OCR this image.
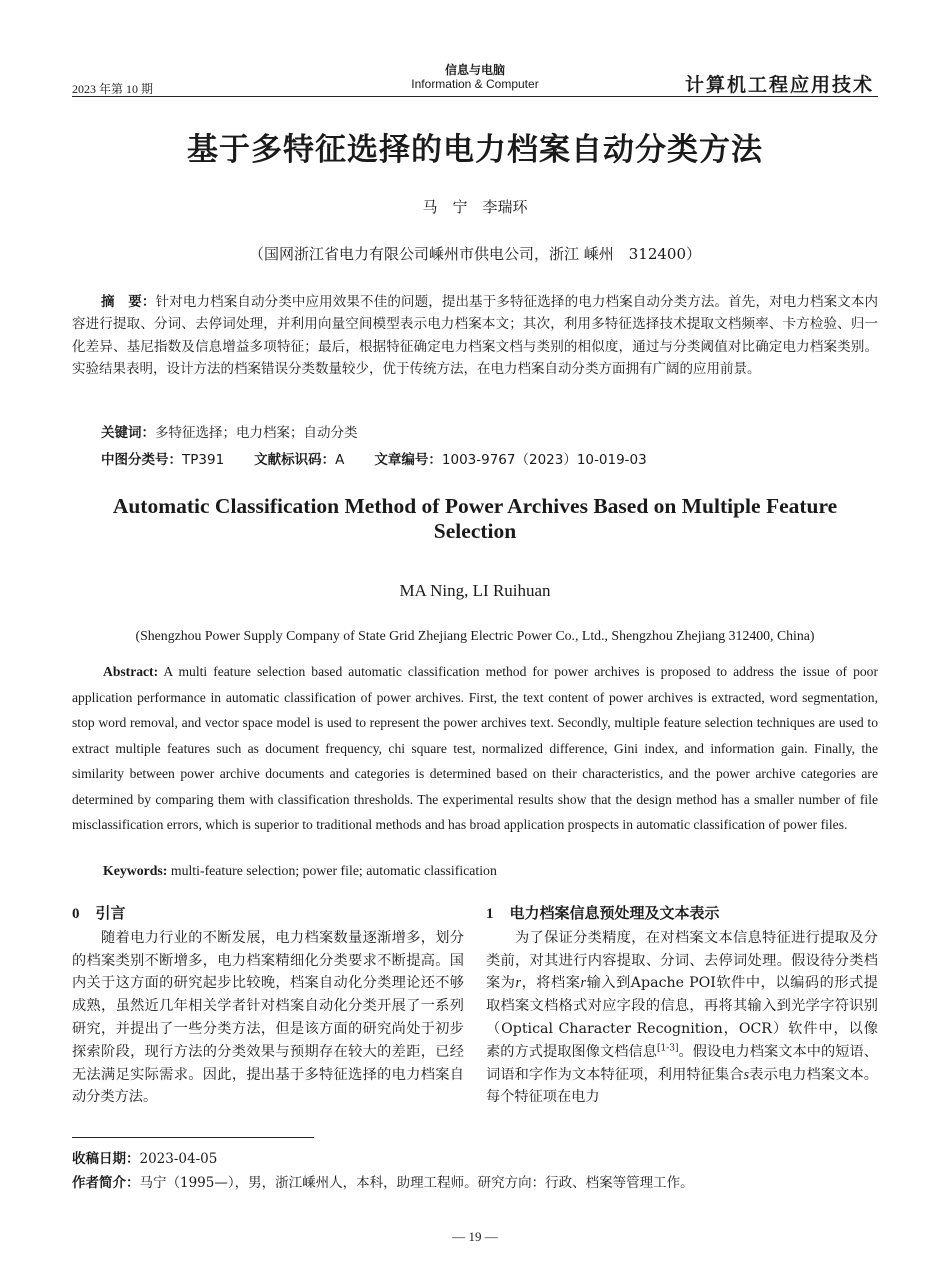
2023 年第 10 期
信息与电脑
Information & Computer	计算机工程应用技术
基于多特征选择的电力档案自动分类方法
马　宁　李瑞环
（国网浙江省电力有限公司嵊州市供电公司，浙江 嵊州　312400）
摘　要：针对电力档案自动分类中应用效果不佳的问题，提出基于多特征选择的电力档案自动分类方法。首先，对电力档案文本内容进行提取、分词、去停词处理，并利用向量空间模型表示电力档案本文；其次，利用多特征选择技术提取文档频率、卡方检验、归一化差异、基尼指数及信息增益多项特征；最后，根据特征确定电力档案文档与类别的相似度，通过与分类阈值对比确定电力档案类别。实验结果表明，设计方法的档案错误分类数量较少，优于传统方法，在电力档案自动分类方面拥有广阔的应用前景。
关键词：多特征选择；电力档案；自动分类
中图分类号：TP391 文献标识码：A 文章编号：1003-9767（2023）10-019-03
Automatic Classification Method of Power Archives Based on Multiple Feature Selection
MA Ning, LI Ruihuan
(Shengzhou Power Supply Company of State Grid Zhejiang Electric Power Co., Ltd., Shengzhou Zhejiang 312400, China)
Abstract: A multi feature selection based automatic classification method for power archives is proposed to address the issue of poor application performance in automatic classification of power archives. First, the text content of power archives is extracted, word segmentation, stop word removal, and vector space model is used to represent the power archives text. Secondly, multiple feature selection techniques are used to extract multiple features such as document frequency, chi square test, normalized difference, Gini index, and information gain. Finally, the similarity between power archive documents and categories is determined based on their characteristics, and the power archive categories are determined by comparing them with classification thresholds. The experimental results show that the design method has a smaller number of file misclassification errors, which is superior to traditional methods and has broad application prospects in automatic classification of power files.
Keywords: multi-feature selection; power file; automatic classification
0 引言

随着电力行业的不断发展，电力档案数量逐渐增多，划分的档案类别不断增多，电力档案精细化分类要求不断提高。国内关于这方面的研究起步比较晚，档案自动化分类理论还不够成熟，虽然近几年相关学者针对档案自动化分类开展了一系列研究，并提出了一些分类方法，但是该方面的研究尚处于初步探索阶段，现行方法的分类效果与预期存在较大的差距，已经无法满足实际需求。因此，提出基于多特征选择的电力档案自动分类方法。

1 电力档案信息预处理及文本表示

为了保证分类精度，在对档案文本信息特征进行提取及分类前，对其进行内容提取、分词、去停词处理。假设待分类档案为r，将档案r输入到Apache POI软件中，以编码的形式提取档案文档格式对应字段的信息，再将其输入到光学字符识别（Optical Character Recognition，OCR）软件中，以像素的方式提取图像文档信息[1-3]。假设电力档案文本中的短语、词语和字作为文本特征项，利用特征集合s表示电力档案文本。每个特征项在电力

收稿日期：2023-04-05
作者简介：马宁（1995—），男，浙江嵊州人，本科，助理工程师。研究方向：行政、档案等管理工作。
— 19 —
